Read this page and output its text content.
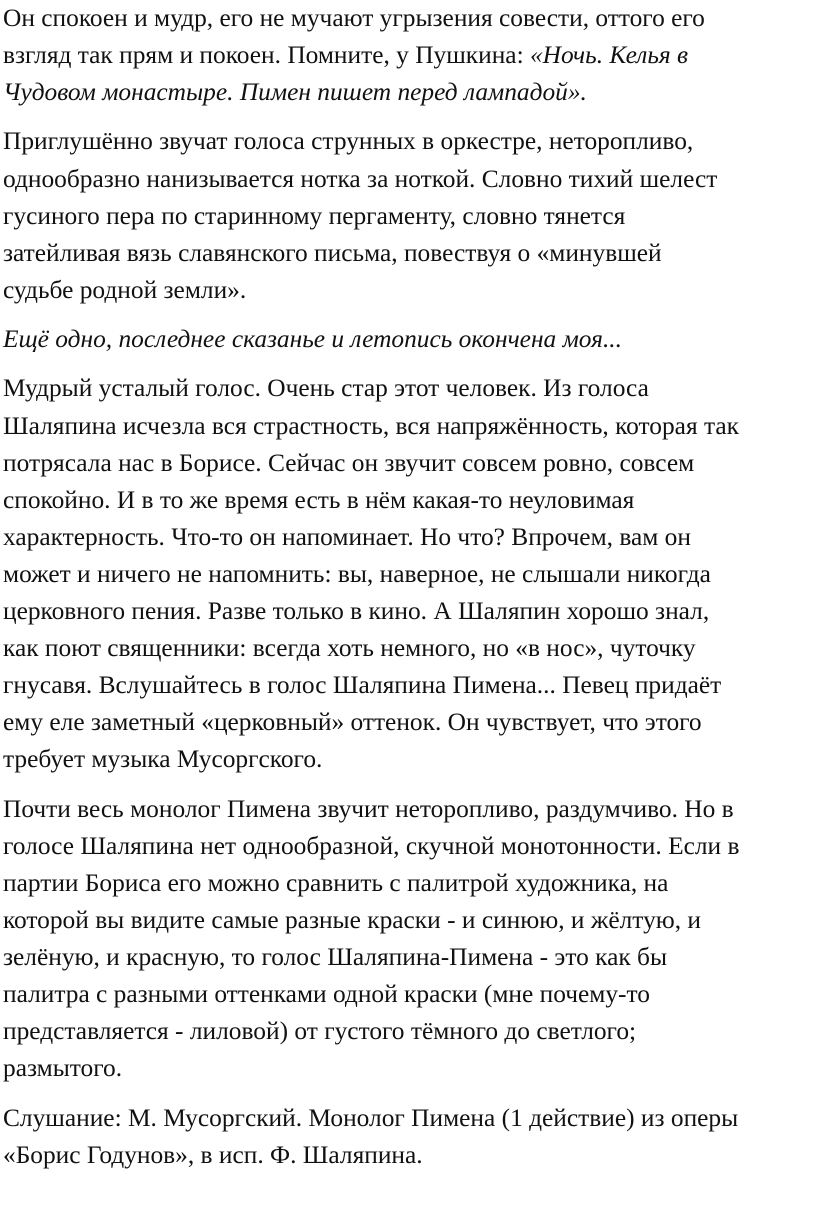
Он спокоен и мудр, его не мучают угрызения совести, оттого его
взгляд так прям и покоен. Помните, у Пушкина: «Ночь. Келья в
Чудовом монастыре. Пимен пишет перед лампадой».

Приглушённо звучат голоса струнных в оркестре, неторопливо,
однообразно нанизывается нотка за ноткой. Словно тихий шелест
гусиного пера по старинному пергаменту, словно тянется
затейливая вязь славянского письма, повествуя о «минувшей
судьбе родной земли».

Ещё одно, последнее сказанье и летопись окончена моя...

Мудрый усталый голос. Очень стар этот человек. Из голоса
Шаляпина исчезла вся страстность, вся напряжённость, которая так
потрясала нас в Борисе. Сейчас он звучит совсем ровно, совсем
спокойно. И в то же время есть в нём какая-то неуловимая
характерность. Что-то он напоминает. Но что? Впрочем, вам он
может и ничего не напомнить: вы, наверное, не слышали никогда
церковного пения. Разве только в кино. А Шаляпин хорошо знал,
как поют священники: всегда хоть немного, но «в нос», чуточку
гнусавя. Вслушайтесь в голос Шаляпина Пимена... Певец придаёт
ему еле заметный «церковный» оттенок. Он чувствует, что этого
требует музыка Мусоргского.

Почти весь монолог Пимена звучит неторопливо, раздумчиво. Но в
голосе Шаляпина нет однообразной, скучной монотонности. Если в
партии Бориса его можно сравнить с палитрой художника, на
которой вы видите самые разные краски - и синюю, и жёлтую, и
зелёную, и красную, то голос Шаляпина-Пимена - это как бы
палитра с разными оттенками одной краски (мне почему-то
представляется - лиловой) от густого тёмного до светлого;
размытого.

Слушание: М. Мусоргский. Монолог Пимена (1 действие) из оперы
«Борис Годунов», в исп. Ф. Шаляпина.
